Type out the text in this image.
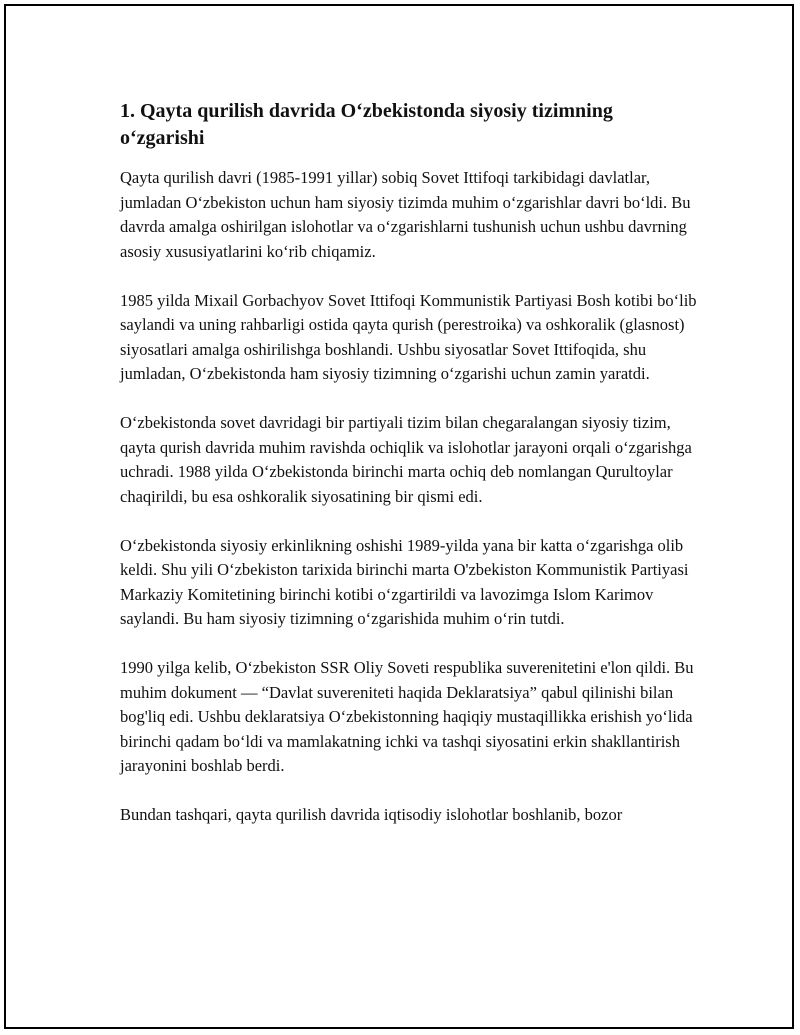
1. Qayta qurilish davrida O‘zbekistonda siyosiy tizimning o‘zgarishi

Qayta qurilish davri (1985-1991 yillar) sobiq Sovet Ittifoqi tarkibidagi davlatlar, jumladan O‘zbekiston uchun ham siyosiy tizimda muhim o‘zgarishlar davri bo‘ldi. Bu davrda amalga oshirilgan islohotlar va o‘zgarishlarni tushunish uchun ushbu davrning asosiy xususiyatlarini ko‘rib chiqamiz.

1985 yilda Mixail Gorbachyov Sovet Ittifoqi Kommunistik Partiyasi Bosh kotibi bo‘lib saylandi va uning rahbarligi ostida qayta qurish (perestroika) va oshkoralik (glasnost) siyosatlari amalga oshirilishga boshlandi. Ushbu siyosatlar Sovet Ittifoqida, shu jumladan, O‘zbekistonda ham siyosiy tizimning o‘zgarishi uchun zamin yaratdi.

O‘zbekistonda sovet davridagi bir partiyali tizim bilan chegaralangan siyosiy tizim, qayta qurish davrida muhim ravishda ochiqlik va islohotlar jarayoni orqali o‘zgarishga uchradi. 1988 yilda O‘zbekistonda birinchi marta ochiq deb nomlangan Qurultoylar chaqirildi, bu esa oshkoralik siyosatining bir qismi edi.

O‘zbekistonda siyosiy erkinlikning oshishi 1989-yilda yana bir katta o‘zgarishga olib keldi. Shu yili O‘zbekiston tarixida birinchi marta O'zbekiston Kommunistik Partiyasi Markaziy Komitetining birinchi kotibi o‘zgartirildi va lavozimga Islom Karimov saylandi. Bu ham siyosiy tizimning o‘zgarishida muhim o‘rin tutdi.

1990 yilga kelib, O‘zbekiston SSR Oliy Soveti respublika suverenitetini e'lon qildi. Bu muhim dokument — “Davlat suvereniteti haqida Deklaratsiya” qabul qilinishi bilan bog'liq edi. Ushbu deklaratsiya O‘zbekistonning haqiqiy mustaqillikka erishish yo‘lida birinchi qadam bo‘ldi va mamlakatning ichki va tashqi siyosatini erkin shakllantirish jarayonini boshlab berdi.

Bundan tashqari, qayta qurilish davrida iqtisodiy islohotlar boshlanib, bozor
